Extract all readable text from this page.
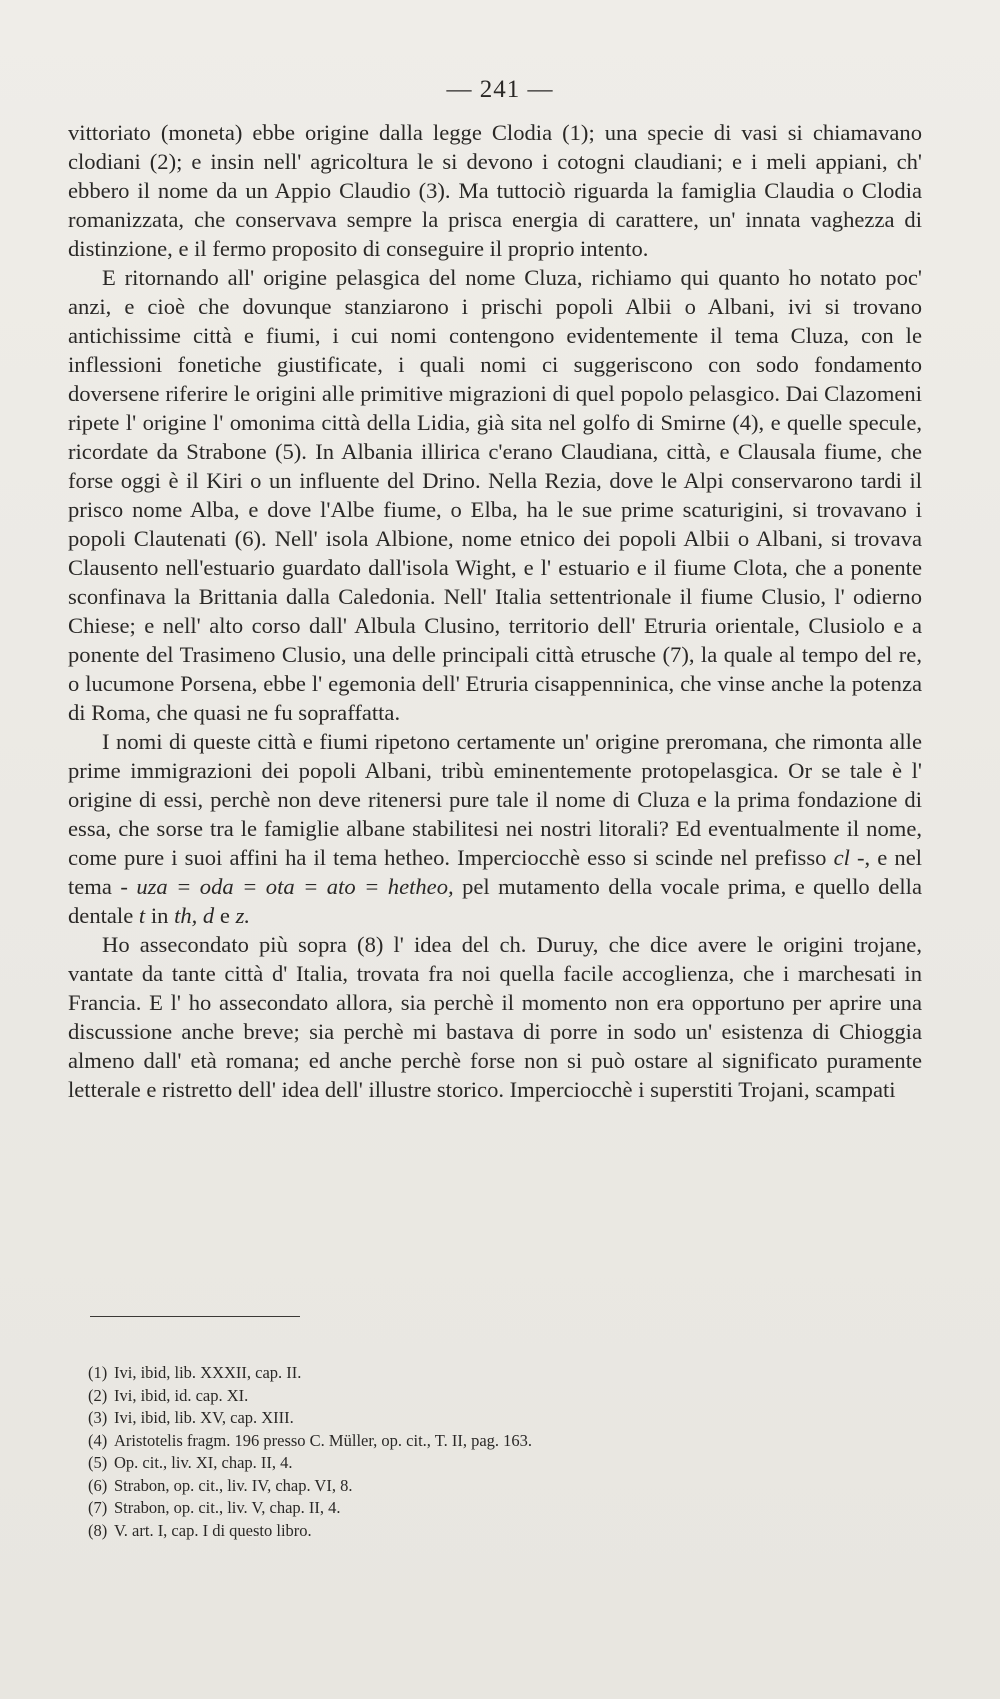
— 241 —

vittoriato (moneta) ebbe origine dalla legge Clodia (1); una specie di vasi si chiamavano clodiani (2); e insin nell' agricoltura le si devono i cotogni claudiani; e i meli appiani, ch' ebbero il nome da un Appio Claudio (3). Ma tuttociò riguarda la famiglia Claudia o Clodia romanizzata, che conservava sempre la prisca energia di carattere, un' innata vaghezza di distinzione, e il fermo proposito di conseguire il proprio intento.

E ritornando all' origine pelasgica del nome Cluza, richiamo qui quanto ho notato poc' anzi, e cioè che dovunque stanziarono i prischi popoli Albii o Albani, ivi si trovano antichissime città e fiumi, i cui nomi contengono evidentemente il tema Cluza, con le inflessioni fonetiche giustificate, i quali nomi ci suggeriscono con sodo fondamento doversene riferire le origini alle primitive migrazioni di quel popolo pelasgico. Dai Clazomeni ripete l' origine l' omonima città della Lidia, già sita nel golfo di Smirne (4), e quelle specule, ricordate da Strabone (5). In Albania illirica c'erano Claudiana, città, e Clausala fiume, che forse oggi è il Kiri o un influente del Drino. Nella Rezia, dove le Alpi conservarono tardi il prisco nome Alba, e dove l'Albe fiume, o Elba, ha le sue prime scaturigini, si trovavano i popoli Clautenati (6). Nell' isola Albione, nome etnico dei popoli Albii o Albani, si trovava Clausento nell'estuario guardato dall'isola Wight, e l' estuario e il fiume Clota, che a ponente sconfinava la Brittania dalla Caledonia. Nell' Italia settentrionale il fiume Clusio, l' odierno Chiese; e nell' alto corso dall' Albula Clusino, territorio dell' Etruria orientale, Clusiolo e a ponente del Trasimeno Clusio, una delle principali città etrusche (7), la quale al tempo del re, o lucumone Porsena, ebbe l' egemonia dell' Etruria cisappenninica, che vinse anche la potenza di Roma, che quasi ne fu sopraffatta.

I nomi di queste città e fiumi ripetono certamente un' origine preromana, che rimonta alle prime immigrazioni dei popoli Albani, tribù eminentemente protopelasgica. Or se tale è l' origine di essi, perchè non deve ritenersi pure tale il nome di Cluza e la prima fondazione di essa, che sorse tra le famiglie albane stabilitesi nei nostri litorali? Ed eventualmente il nome, come pure i suoi affini ha il tema hetheo. Imperciocchè esso si scinde nel prefisso cl -, e nel tema - uza = oda = ota = ato = hetheo, pel mutamento della vocale prima, e quello della dentale t in th, d e z.

Ho assecondato più sopra (8) l' idea del ch. Duruy, che dice avere le origini trojane, vantate da tante città d' Italia, trovata fra noi quella facile accoglienza, che i marchesati in Francia. E l' ho assecondato allora, sia perchè il momento non era opportuno per aprire una discussione anche breve; sia perchè mi bastava di porre in sodo un' esistenza di Chioggia almeno dall' età romana; ed anche perchè forse non si può ostare al significato puramente letterale e ristretto dell' idea dell' illustre storico. Imperciocchè i superstiti Trojani, scampati

(1) Ivi, ibid, lib. XXXII, cap. II.
(2) Ivi, ibid, id. cap. XI.
(3) Ivi, ibid, lib. XV, cap. XIII.
(4) Aristotelis fragm. 196 presso C. Müller, op. cit., T. II, pag. 163.
(5) Op. cit., liv. XI, chap. II, 4.
(6) Strabon, op. cit., liv. IV, chap. VI, 8.
(7) Strabon, op. cit., liv. V, chap. II, 4.
(8) V. art. I, cap. I di questo libro.
